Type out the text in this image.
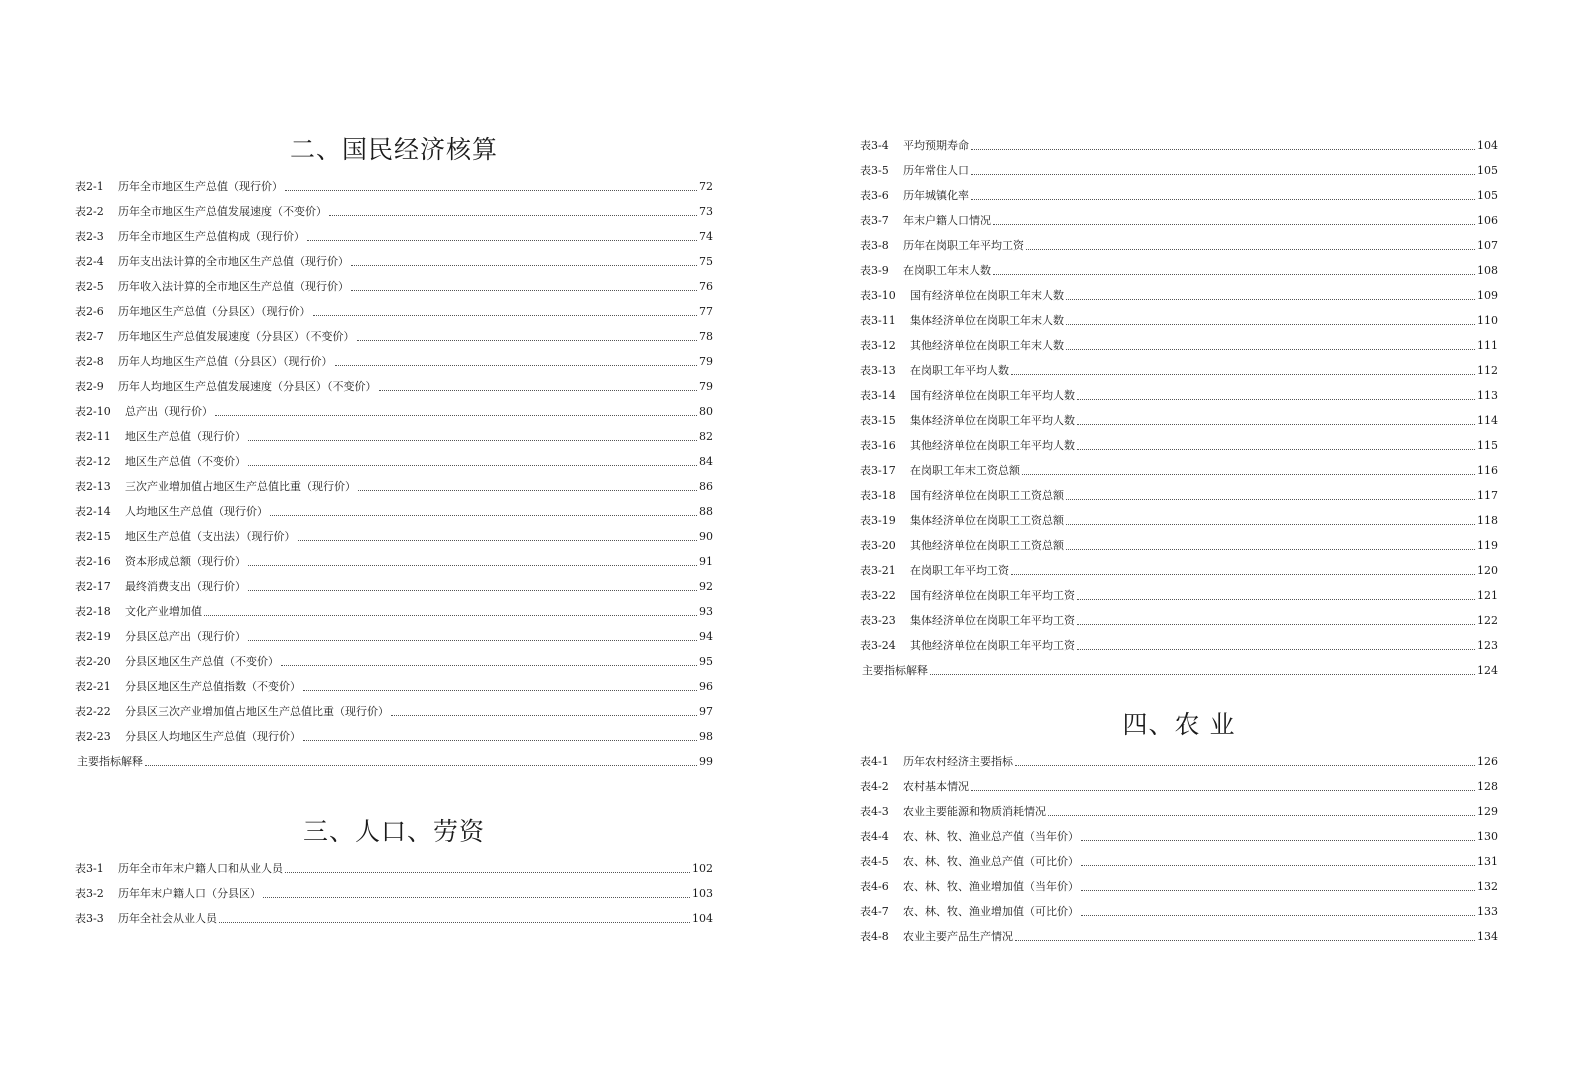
二、国民经济核算
表2-1	历年全市地区生产总值（现行价）	72
表2-2	历年全市地区生产总值发展速度（不变价）	73
表2-3	历年全市地区生产总值构成（现行价）	74
表2-4	历年支出法计算的全市地区生产总值（现行价）	75
表2-5	历年收入法计算的全市地区生产总值（现行价）	76
表2-6	历年地区生产总值（分县区）（现行价）	77
表2-7	历年地区生产总值发展速度（分县区）（不变价）	78
表2-8	历年人均地区生产总值（分县区）（现行价）	79
表2-9	历年人均地区生产总值发展速度（分县区）（不变价）	79
表2-10	总产出（现行价）	80
表2-11	地区生产总值（现行价）	82
表2-12	地区生产总值（不变价）	84
表2-13	三次产业增加值占地区生产总值比重（现行价）	86
表2-14	人均地区生产总值（现行价）	88
表2-15	地区生产总值（支出法）（现行价）	90
表2-16	资本形成总额（现行价）	91
表2-17	最终消费支出（现行价）	92
表2-18	文化产业增加值	93
表2-19	分县区总产出（现行价）	94
表2-20	分县区地区生产总值（不变价）	95
表2-21	分县区地区生产总值指数（不变价）	96
表2-22	分县区三次产业增加值占地区生产总值比重（现行价）	97
表2-23	分县区人均地区生产总值（现行价）	98
主要指标解释	99
三、人口、劳资
表3-1	历年全市年末户籍人口和从业人员	102
表3-2	历年年末户籍人口（分县区）	103
表3-3	历年全社会从业人员	104
表3-4	平均预期寿命	104
表3-5	历年常住人口	105
表3-6	历年城镇化率	105
表3-7	年末户籍人口情况	106
表3-8	历年在岗职工年平均工资	107
表3-9	在岗职工年末人数	108
表3-10	国有经济单位在岗职工年末人数	109
表3-11	集体经济单位在岗职工年末人数	110
表3-12	其他经济单位在岗职工年末人数	111
表3-13	在岗职工年平均人数	112
表3-14	国有经济单位在岗职工年平均人数	113
表3-15	集体经济单位在岗职工年平均人数	114
表3-16	其他经济单位在岗职工年平均人数	115
表3-17	在岗职工年末工资总额	116
表3-18	国有经济单位在岗职工工资总额	117
表3-19	集体经济单位在岗职工工资总额	118
表3-20	其他经济单位在岗职工工资总额	119
表3-21	在岗职工年平均工资	120
表3-22	国有经济单位在岗职工年平均工资	121
表3-23	集体经济单位在岗职工年平均工资	122
表3-24	其他经济单位在岗职工年平均工资	123
主要指标解释	124
四、农 业
表4-1	历年农村经济主要指标	126
表4-2	农村基本情况	128
表4-3	农业主要能源和物质消耗情况	129
表4-4	农、林、牧、渔业总产值（当年价）	130
表4-5	农、林、牧、渔业总产值（可比价）	131
表4-6	农、林、牧、渔业增加值（当年价）	132
表4-7	农、林、牧、渔业增加值（可比价）	133
表4-8	农业主要产品生产情况	134
